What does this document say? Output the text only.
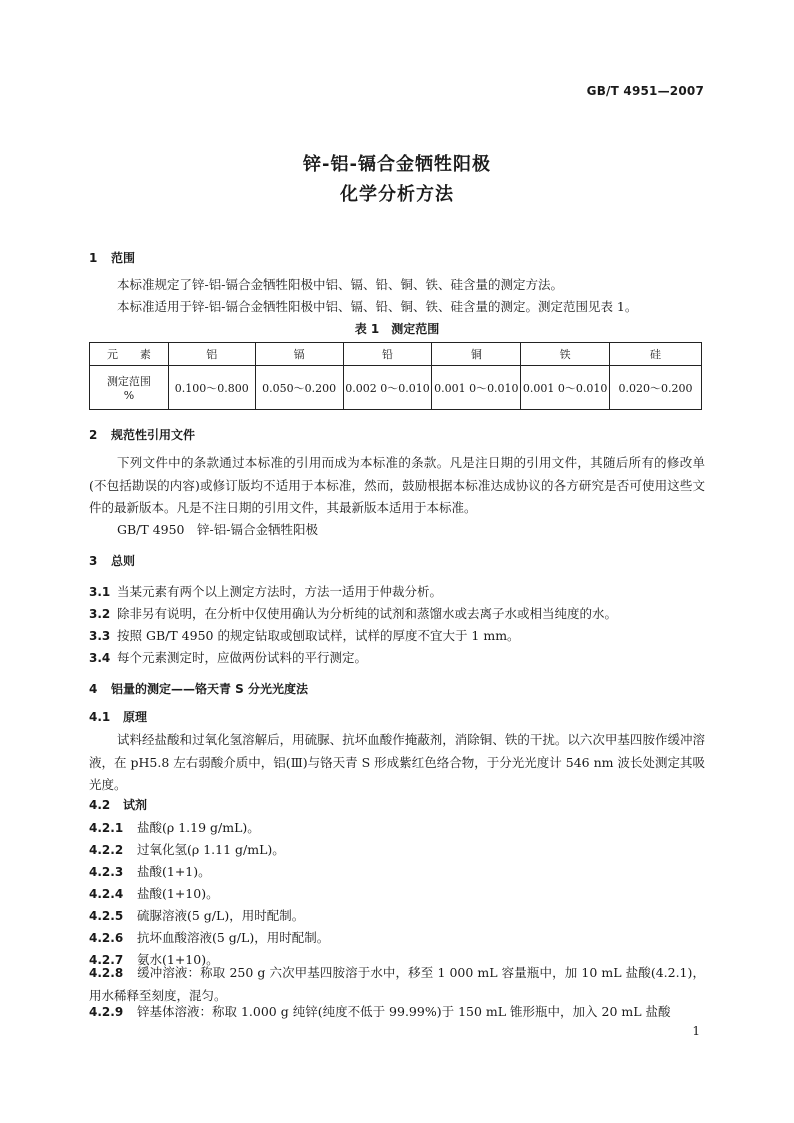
GB/T 4951—2007
锌-铝-镉合金牺牲阳极
化学分析方法
1 范围
本标准规定了锌-铝-镉合金牺牲阳极中铝、镉、铅、铜、铁、硅含量的测定方法。
本标准适用于锌-铝-镉合金牺牲阳极中铝、镉、铅、铜、铁、硅含量的测定。测定范围见表 1。
表 1　测定范围
元　　素	铝	镉	铅	铜	铁	硅

测定范围
%	0.100～0.800	0.050～0.200	0.002 0～0.010	0.001 0～0.010	0.001 0～0.010	0.020～0.200
2 规范性引用文件
下列文件中的条款通过本标准的引用而成为本标准的条款。凡是注日期的引用文件，其随后所有的修改单(不包括勘误的内容)或修订版均不适用于本标准，然而，鼓励根据本标准达成协议的各方研究是否可使用这些文件的最新版本。凡是不注日期的引用文件，其最新版本适用于本标准。
GB/T 4950　锌-铝-镉合金牺牲阳极
3 总则
3.1 当某元素有两个以上测定方法时，方法一适用于仲裁分析。
3.2 除非另有说明，在分析中仅使用确认为分析纯的试剂和蒸馏水或去离子水或相当纯度的水。
3.3 按照 GB/T 4950 的规定钻取或刨取试样，试样的厚度不宜大于 1 mm。
3.4 每个元素测定时，应做两份试料的平行测定。
4 铝量的测定——铬天青 S 分光光度法
4.1 原理
试料经盐酸和过氧化氢溶解后，用硫脲、抗坏血酸作掩蔽剂，消除铜、铁的干扰。以六次甲基四胺作缓冲溶液，在 pH5.8 左右弱酸介质中，铝(Ⅲ)与铬天青 S 形成紫红色络合物，于分光光度计 546 nm 波长处测定其吸光度。
4.2 试剂
4.2.1 盐酸(ρ 1.19 g/mL)。
4.2.2 过氧化氢(ρ 1.11 g/mL)。
4.2.3 盐酸(1+1)。
4.2.4 盐酸(1+10)。
4.2.5 硫脲溶液(5 g/L)，用时配制。
4.2.6 抗坏血酸溶液(5 g/L)，用时配制。
4.2.7 氨水(1+10)。
4.2.8 缓冲溶液：称取 250 g 六次甲基四胺溶于水中，移至 1 000 mL 容量瓶中，加 10 mL 盐酸(4.2.1)，用水稀释至刻度，混匀。
4.2.9 锌基体溶液：称取 1.000 g 纯锌(纯度不低于 99.99%)于 150 mL 锥形瓶中，加入 20 mL 盐酸
1
